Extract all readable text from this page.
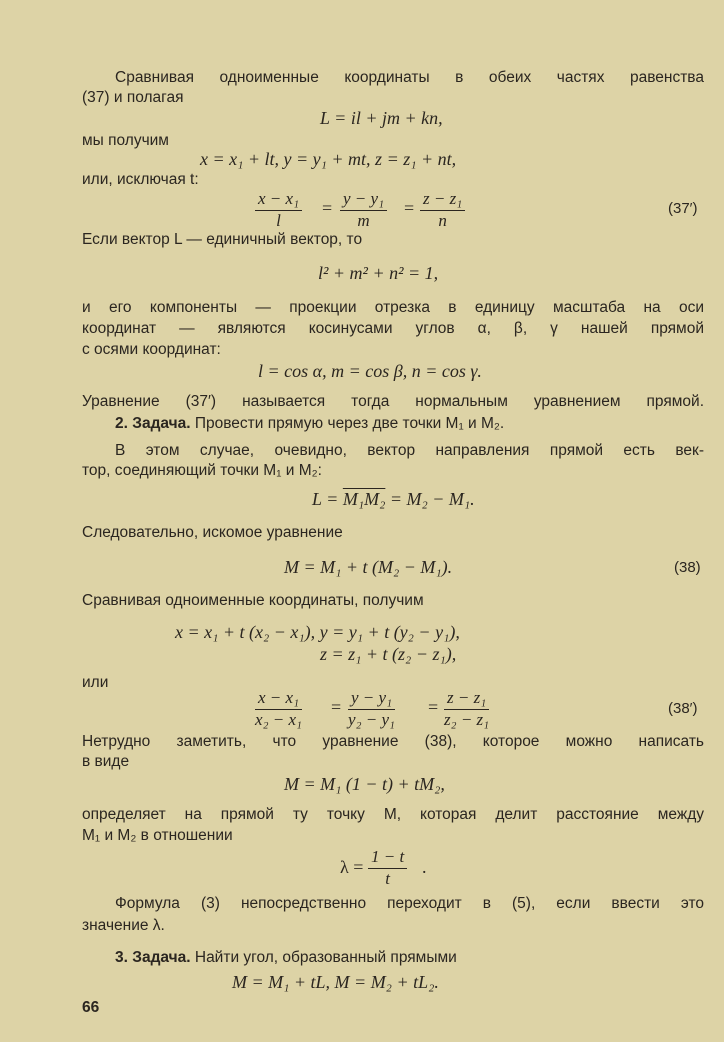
Сравнивая одноименные координаты в обеих частях равенства
(37) и полагая
L = il + jm + kn,
мы получим
x = x₁ + lt, y = y₁ + mt, z = z₁ + nt,
или, исключая t:
$\frac{\text{x − x₁}}{l} = \frac{\text{y − y₁}}{m} = \frac{\text{z − z₁}}{n}$	(37′)
Если вектор L — единичный вектор, то
l² + m² + n² = 1,
и его компоненты — проекции отрезка в единицу масштаба на оси
координат — являются косинусами углов α, β, γ нашей прямой
с осями координат:
l = cos α, m = cos β, n = cos γ.
Уравнение (37′) называется тогда нормальным уравнением прямой.
2. Задача. Провести прямую через две точки M₁ и M₂.
В этом случае, очевидно, вектор направления прямой есть век-
тор, соединяющий точки M₁ и M₂:
L = M₁M₂ = M₂ − M₁.
Следовательно, искомое уравнение
M = M₁ + t (M₂ − M₁).	(38)
Сравнивая одноименные координаты, получим
x = x₁ + t (x₂ − x₁), y = y₁ + t (y₂ − y₁),
z = z₁ + t (z₂ − z₁),
или
$\frac{\text{x − x₁}}{\text{x₂ − x₁}} = \frac{\text{y − y₁}}{\text{y₂ − y₁}} = \frac{\text{z − z₁}}{\text{z₂ − z₁}}$	(38′)
Нетрудно заметить, что уравнение (38), которое можно написать
в виде
M = M₁ (1 − t) + tM₂,
определяет на прямой ту точку M, которая делит расстояние между
M₁ и M₂ в отношении
$\lambda = \frac{1 - t}{t}$ .
Формула (3) непосредственно переходит в (5), если ввести это
значение λ.
3. Задача. Найти угол, образованный прямыми
M = M₁ + tL, M = M₂ + tL₂.
66
